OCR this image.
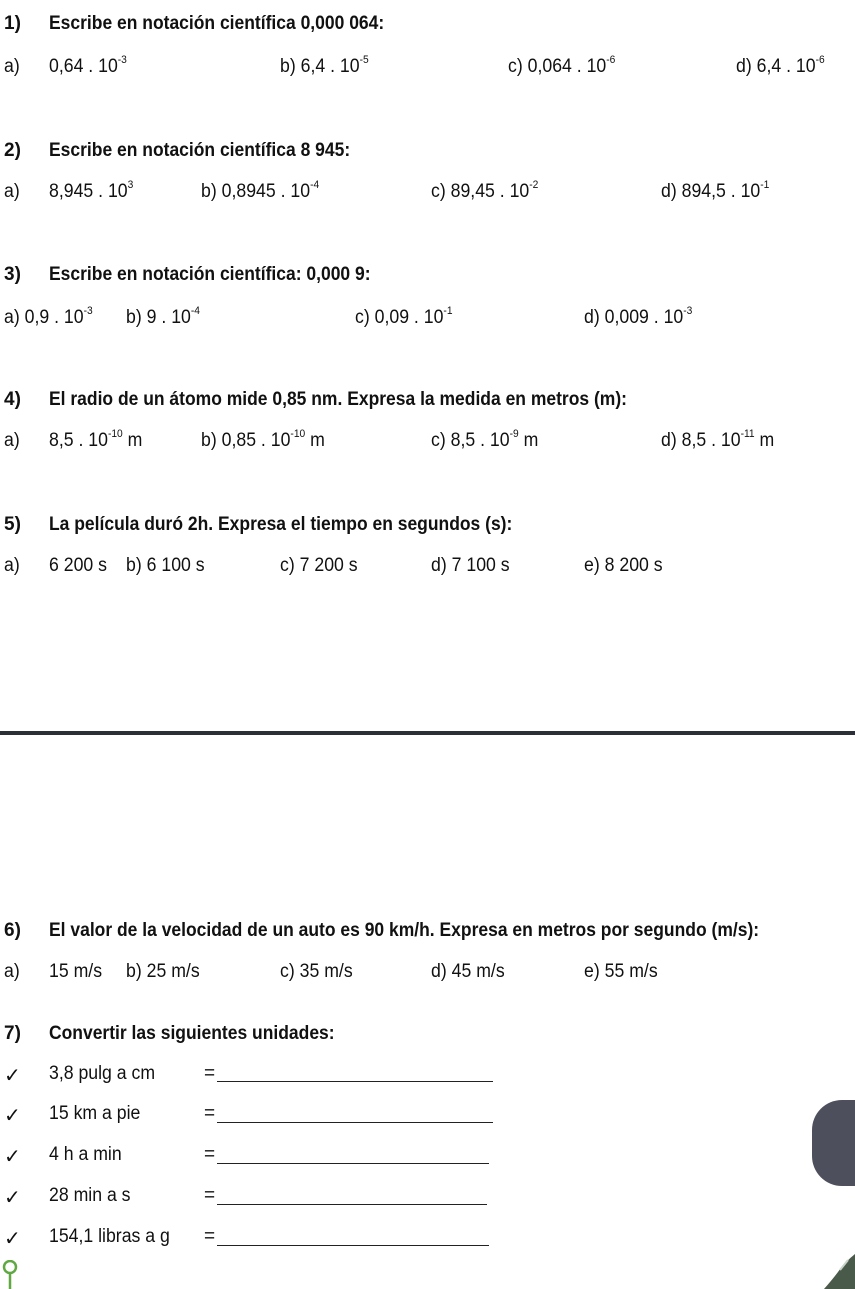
1) Escribe en notación científica 0,000 064:
a) 0,64 . $10^{-3}$	b) 6,4 . $10^{-5}$	c) 0,064 . $10^{-6}$	d) 6,4 . $10^{-6}$
2) Escribe en notación científica 8 945:
a) 8,945 . $10^3$	b) 0,8945 . $10^{-4}$	c) 89,45 . $10^{-2}$	d) 894,5 . $10^{-1}$
3) Escribe en notación científica: 0,000 9:
a) 0,9 . $10^{-3}$ b) 9 . $10^{-4}$	c) 0,09 . $10^{-1}$	d) 0,009 . $10^{-3}$
4) El radio de un átomo mide 0,85 nm. Expresa la medida en metros (m):
a) 8,5 . $10^{-10}$ m	b) 0,85 . $10^{-10}$ m	c) 8,5 . $10^{-9}$ m	d) 8,5 . $10^{-11}$ m
5) La película duró 2h. Expresa el tiempo en segundos (s):
a) 6 200 s b) 6 100 s	c) 7 200 s	d) 7 100 s	e) 8 200 s
6) El valor de la velocidad de un auto es 90 km/h. Expresa en metros por segundo (m/s):
a) 15 m/s b) 25 m/s	c) 35 m/s	d) 45 m/s	e) 55 m/s
7) Convertir las siguientes unidades:
✓ 3,8 pulg a cm	=
✓ 15 km a pie	=
✓ 4 h a min	=
✓ 28 min a s	=
✓ 154,1 libras a g =
